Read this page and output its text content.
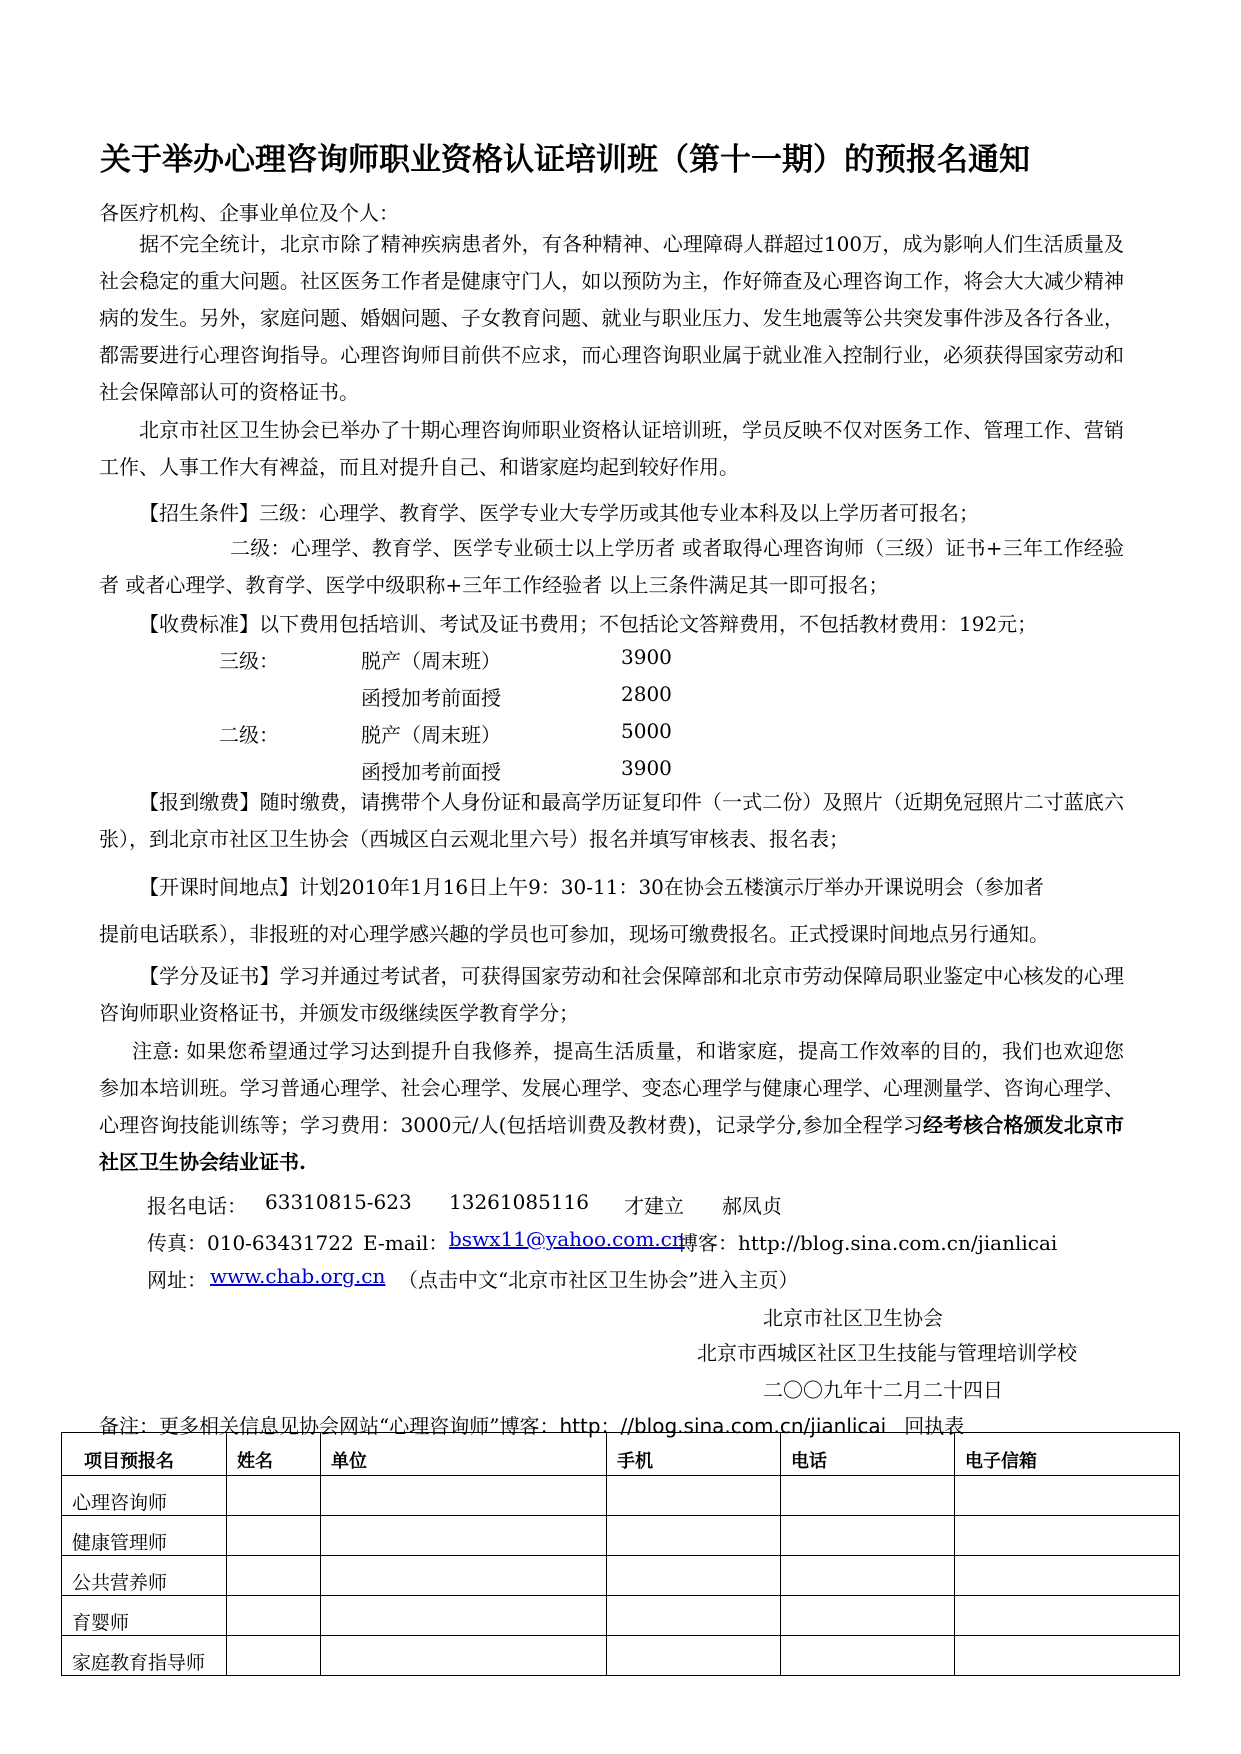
关于举办心理咨询师职业资格认证培训班（第十一期）的预报名通知
各医疗机构、企事业单位及个人：
据不完全统计，北京市除了精神疾病患者外，有各种精神、心理障碍人群超过100万，成为影响人们生活质量及社会稳定的重大问题。社区医务工作者是健康守门人，如以预防为主，作好筛查及心理咨询工作，将会大大减少精神病的发生。另外，家庭问题、婚姻问题、子女教育问题、就业与职业压力、发生地震等公共突发事件涉及各行各业，都需要进行心理咨询指导。心理咨询师目前供不应求，而心理咨询职业属于就业准入控制行业，必须获得国家劳动和社会保障部认可的资格证书。
北京市社区卫生协会已举办了十期心理咨询师职业资格认证培训班，学员反映不仅对医务工作、管理工作、营销工作、人事工作大有裨益，而且对提升自己、和谐家庭均起到较好作用。
【招生条件】三级：心理学、教育学、医学专业大专学历或其他专业本科及以上学历者可报名；
二级：心理学、教育学、医学专业硕士以上学历者 或者取得心理咨询师（三级）证书+三年工作经验者 或者心理学、教育学、医学中级职称+三年工作经验者 以上三条件满足其一即可报名；
【收费标准】以下费用包括培训、考试及证书费用；不包括论文答辩费用，不包括教材费用：192元；
三级：	脱产（周末班）	3900
函授加考前面授	2800
二级：	脱产（周末班）	5000
函授加考前面授	3900
【报到缴费】随时缴费，请携带个人身份证和最高学历证复印件（一式二份）及照片（近期免冠照片二寸蓝底六张），到北京市社区卫生协会（西城区白云观北里六号）报名并填写审核表、报名表；
【开课时间地点】计划2010年1月16日上午9：30-11：30在协会五楼演示厅举办开课说明会（参加者
提前电话联系），非报班的对心理学感兴趣的学员也可参加，现场可缴费报名。正式授课时间地点另行通知。
【学分及证书】学习并通过考试者，可获得国家劳动和社会保障部和北京市劳动保障局职业鉴定中心核发的心理咨询师职业资格证书，并颁发市级继续医学教育学分；
注意: 如果您希望通过学习达到提升自我修养，提高生活质量，和谐家庭，提高工作效率的目的，我们也欢迎您参加本培训班。学习普通心理学、社会心理学、发展心理学、变态心理学与健康心理学、心理测量学、咨询心理学、心理咨询技能训练等；学习费用：3000元/人(包括培训费及教材费)，记录学分,参加全程学习经考核合格颁发北京市社区卫生协会结业证书.
报名电话： 63310815-623 13261085116 才建立 郝凤贞
传真：010-63431722 E-mail： bswx11@yahoo.com.cn
博客：http://blog.sina.com.cn/jianlicai
网址： www.chab.org.cn （点击中文“北京市社区卫生协会”进入主页）
北京市社区卫生协会
北京市西城区社区卫生技能与管理培训学校
二〇〇九年十二月二十四日
备注：更多相关信息见协会网站“心理咨询师”博客：http：//blog.sina.com.cn/jianlicai 回执表
项目预报名	姓名	单位	手机	电话	电子信箱
心理咨询师					
健康管理师					
公共营养师					
育婴师					
家庭教育指导师					
